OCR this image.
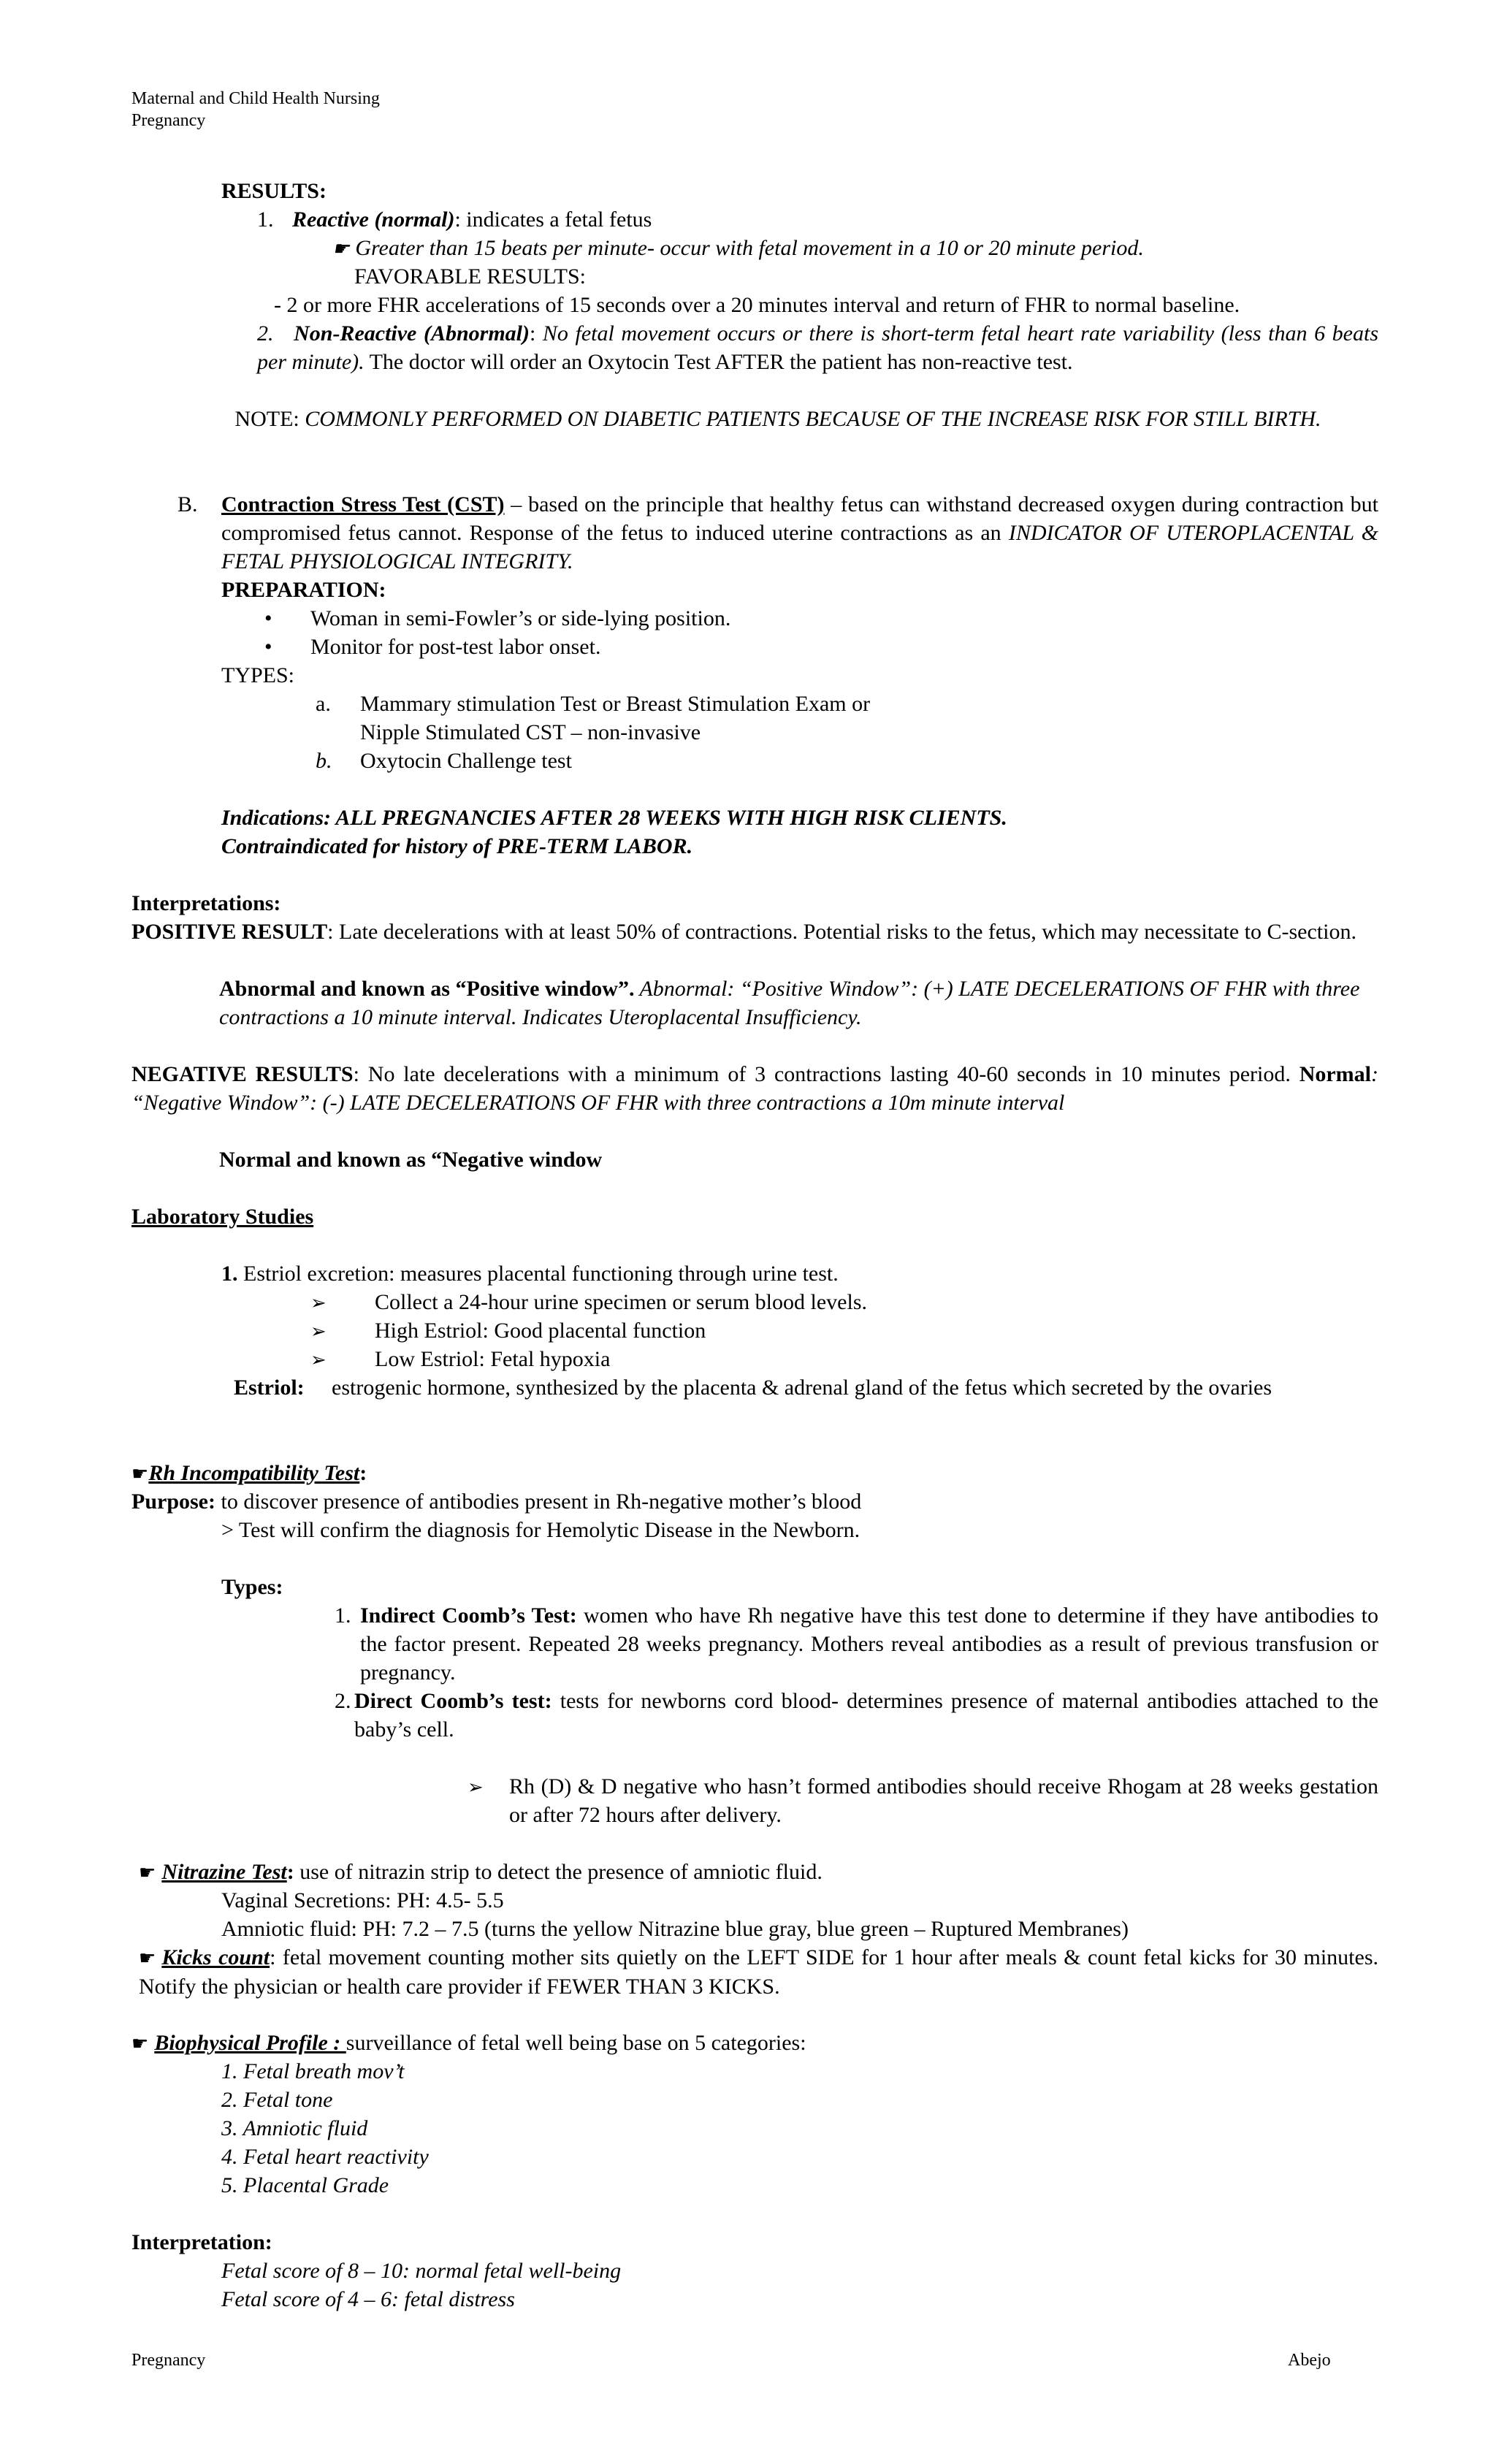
Maternal and Child Health Nursing
Pregnancy
RESULTS:
1. Reactive (normal): indicates a fetal fetus
☛ Greater than 15 beats per minute- occur with fetal movement in a 10 or 20 minute period.
FAVORABLE RESULTS:
- 2 or more FHR accelerations of 15 seconds over a 20 minutes interval and return of FHR to normal baseline.
2. Non-Reactive (Abnormal): No fetal movement occurs or there is short-term fetal heart rate variability (less than 6 beats per minute). The doctor will order an Oxytocin Test AFTER the patient has non-reactive test.
NOTE: COMMONLY PERFORMED ON DIABETIC PATIENTS BECAUSE OF THE INCREASE RISK FOR STILL BIRTH.
B. Contraction Stress Test (CST) – based on the principle that healthy fetus can withstand decreased oxygen during contraction but compromised fetus cannot. Response of the fetus to induced uterine contractions as an INDICATOR OF UTEROPLACENTAL & FETAL PHYSIOLOGICAL INTEGRITY.
PREPARATION:
• Woman in semi-Fowler’s or side-lying position.
• Monitor for post-test labor onset.
TYPES:
a. Mammary stimulation Test or Breast Stimulation Exam or
Nipple Stimulated CST – non-invasive
b. Oxytocin Challenge test
Indications: ALL PREGNANCIES AFTER 28 WEEKS WITH HIGH RISK CLIENTS.
Contraindicated for history of PRE-TERM LABOR.
Interpretations:
POSITIVE RESULT: Late decelerations with at least 50% of contractions. Potential risks to the fetus, which may necessitate to C-section.
Abnormal and known as “Positive window”. Abnormal: “Positive Window”: (+) LATE DECELERATIONS OF FHR with three contractions a 10 minute interval. Indicates Uteroplacental Insufficiency.
NEGATIVE RESULTS: No late decelerations with a minimum of 3 contractions lasting 40-60 seconds in 10 minutes period. Normal: “Negative Window”: (-) LATE DECELERATIONS OF FHR with three contractions a 10m minute interval
Normal and known as “Negative window
Laboratory Studies
1. Estriol excretion: measures placental functioning through urine test.
➢ Collect a 24-hour urine specimen or serum blood levels.
➢ High Estriol: Good placental function
➢ Low Estriol: Fetal hypoxia
Estriol: estrogenic hormone, synthesized by the placenta & adrenal gland of the fetus which secreted by the ovaries
☛Rh Incompatibility Test:
Purpose: to discover presence of antibodies present in Rh-negative mother’s blood
> Test will confirm the diagnosis for Hemolytic Disease in the Newborn.
Types:
1. Indirect Coomb’s Test: women who have Rh negative have this test done to determine if they have antibodies to the factor present. Repeated 28 weeks pregnancy. Mothers reveal antibodies as a result of previous transfusion or pregnancy.
2. Direct Coomb’s test: tests for newborns cord blood- determines presence of maternal antibodies attached to the baby’s cell.
➢ Rh (D) & D negative who hasn’t formed antibodies should receive Rhogam at 28 weeks gestation or after 72 hours after delivery.
☛ Nitrazine Test: use of nitrazin strip to detect the presence of amniotic fluid.
Vaginal Secretions: PH: 4.5- 5.5
Amniotic fluid: PH: 7.2 – 7.5 (turns the yellow Nitrazine blue gray, blue green – Ruptured Membranes)
☛ Kicks count: fetal movement counting mother sits quietly on the LEFT SIDE for 1 hour after meals & count fetal kicks for 30 minutes. Notify the physician or health care provider if FEWER THAN 3 KICKS.
☛ Biophysical Profile : surveillance of fetal well being base on 5 categories:
1. Fetal breath mov’t
2. Fetal tone
3. Amniotic fluid
4. Fetal heart reactivity
5. Placental Grade
Interpretation:
Fetal score of 8 – 10: normal fetal well-being
Fetal score of 4 – 6: fetal distress
Pregnancy	Abejo
